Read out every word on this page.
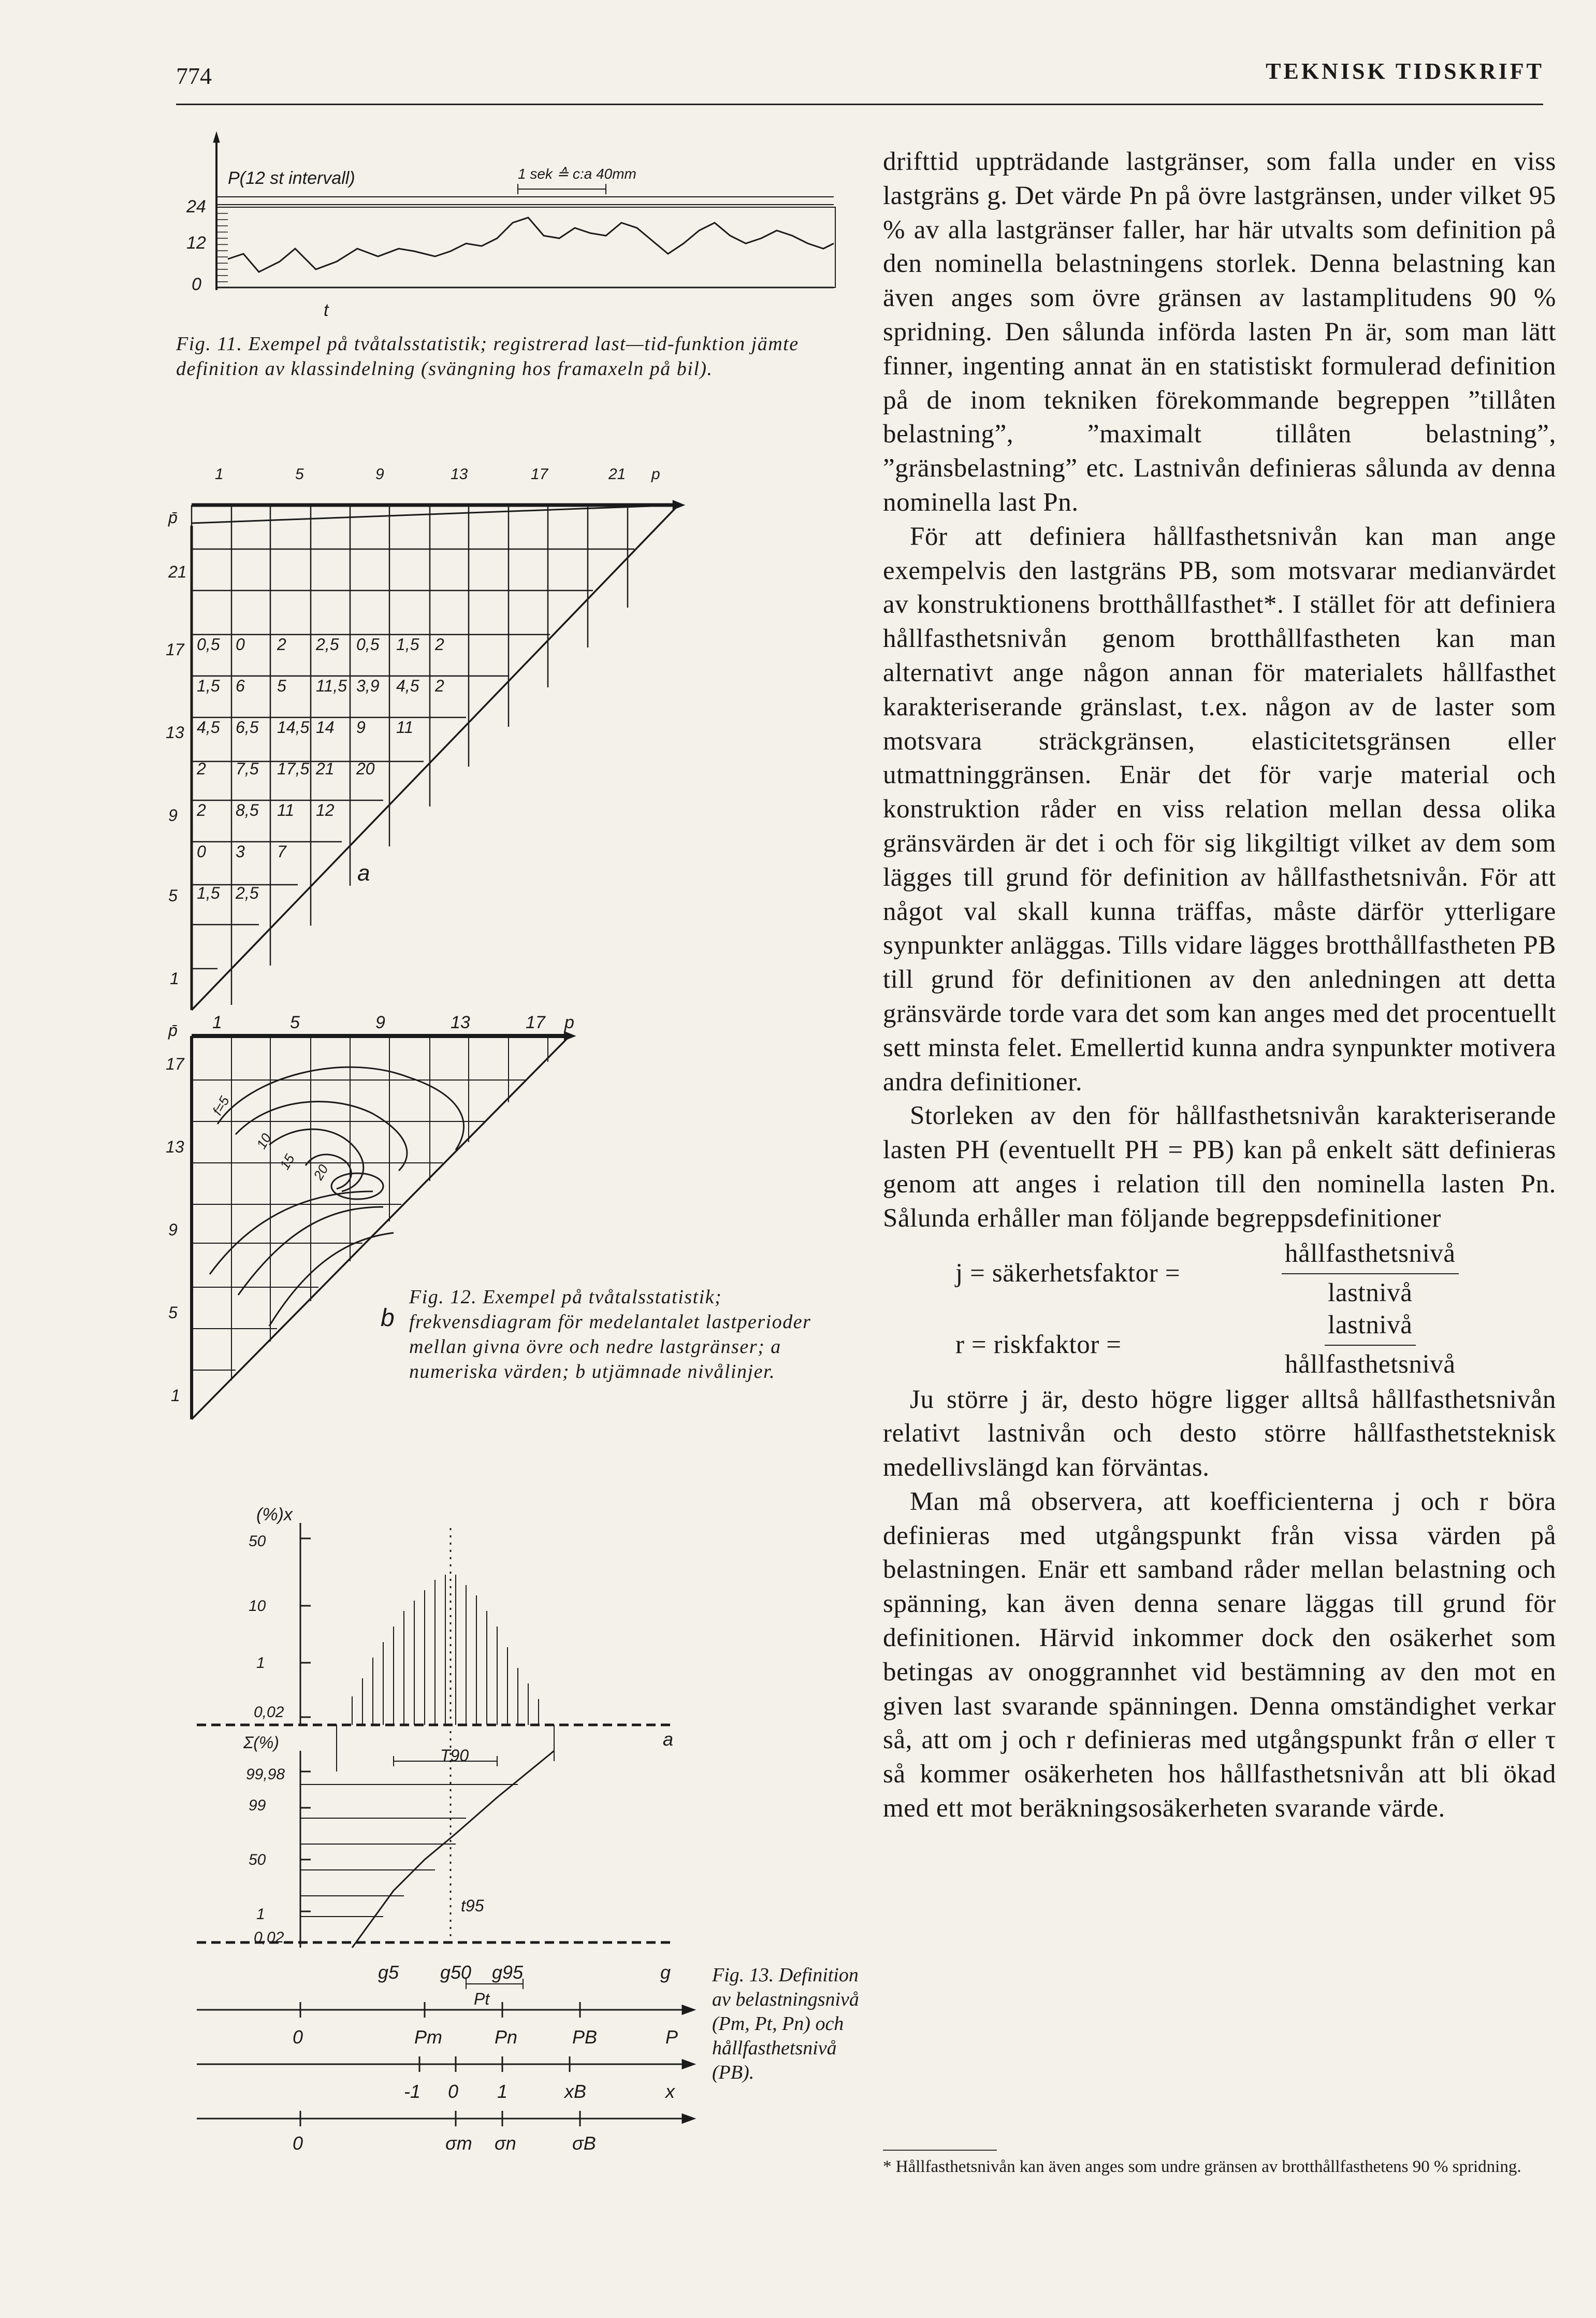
774	TEKNISK TIDSKRIFT
P(12 st intervall)	1 sek ≙ c:a 40mm
24
12
0
t
1	5	9	13	17	21 p
p̄
21
17
13
9
5
1
0,5 0 2 2,5 0,5 1,5 2
1,5 6 5 11,5 3,9 4,5 2
4,5 6,5 14,5 14 9 11
2 7,5 17,5 21 20
2 8,5 11 12
0 3 7
1,5 2,5
a
1	5	9	13	17 p
p̄
17
13
9
5
1
f=5
10
15 20
b
(%)x
50
10
1
0,02
Σ(%)
99,98
99
50
1
0,02
a
T90
t95
g5 g50 g95	g
Pt
0	Pm	Pn	PB	P
-1 0 1	xB	x
0	σm σn	σB
Fig. 11. Exempel på tvåtalsstatistik; registrerad last—tid-funktion jämte definition av klassindelning (svängning hos framaxeln på bil).
Fig. 12. Exempel på tvåtalsstatistik; frekvensdiagram för medelantalet lastperioder mellan givna övre och nedre lastgränser; a numeriska värden; b utjämnade nivålinjer.
Fig. 13. Definition av belastningsnivå (Pm, Pt, Pn) och hållfasthetsnivå (PB).

drifttid uppträdande lastgränser, som falla under en viss lastgräns g. Det värde Pn på övre lastgränsen, under vilket 95 % av alla lastgränser faller, har här utvalts som definition på den nominella belastningens storlek. Denna belastning kan även anges som övre gränsen av lastamplitudens 90 % spridning. Den sålunda införda lasten Pn är, som man lätt finner, ingenting annat än en statistiskt formulerad definition på de inom tekniken förekommande begreppen ”tillåten belastning”, ”maximalt tillåten belastning”, ”gränsbelastning” etc. Lastnivån definieras sålunda av denna nominella last Pn.

För att definiera hållfasthetsnivån kan man ange exempelvis den lastgräns PB, som motsvarar medianvärdet av konstruktionens brotthållfasthet*. I stället för att definiera hållfasthetsnivån genom brotthållfastheten kan man alternativt ange någon annan för materialets hållfasthet karakteriserande gränslast, t.ex. någon av de laster som motsvara sträckgränsen, elasticitetsgränsen eller utmattninggränsen. Enär det för varje material och konstruktion råder en viss relation mellan dessa olika gränsvärden är det i och för sig likgiltigt vilket av dem som lägges till grund för definition av hållfasthetsnivån. För att något val skall kunna träffas, måste därför ytterligare synpunkter anläggas. Tills vidare lägges brotthållfastheten PB till grund för definitionen av den anledningen att detta gränsvärde torde vara det som kan anges med det procentuellt sett minsta felet. Emellertid kunna andra synpunkter motivera andra definitioner.

Storleken av den för hållfasthetsnivån karakteriserande lasten PH (eventuellt PH = PB) kan på enkelt sätt definieras genom att anges i relation till den nominella lasten Pn. Sålunda erhåller man följande begreppsdefinitioner

j = säkerhetsfaktor =	$\frac{\text{hållfasthetsnivå}}{\text{lastnivå}}$
r = riskfaktor =	$\frac{\text{lastnivå}}{\text{hållfasthetsnivå}}$

Ju större j är, desto högre ligger alltså hållfasthetsnivån relativt lastnivån och desto större hållfasthetsteknisk medellivslängd kan förväntas.

Man må observera, att koefficienterna j och r böra definieras med utgångspunkt från vissa värden på belastningen. Enär ett samband råder mellan belastning och spänning, kan även denna senare läggas till grund för definitionen. Härvid inkommer dock den osäkerhet som betingas av onoggrannhet vid bestämning av den mot en given last svarande spänningen. Denna omständighet verkar så, att om j och r definieras med utgångspunkt från σ eller τ så kommer osäkerheten hos hållfasthetsnivån att bli ökad med ett mot beräkningsosäkerheten svarande värde.

* Hållfasthetsnivån kan även anges som undre gränsen av brotthållfasthetens 90 % spridning.
